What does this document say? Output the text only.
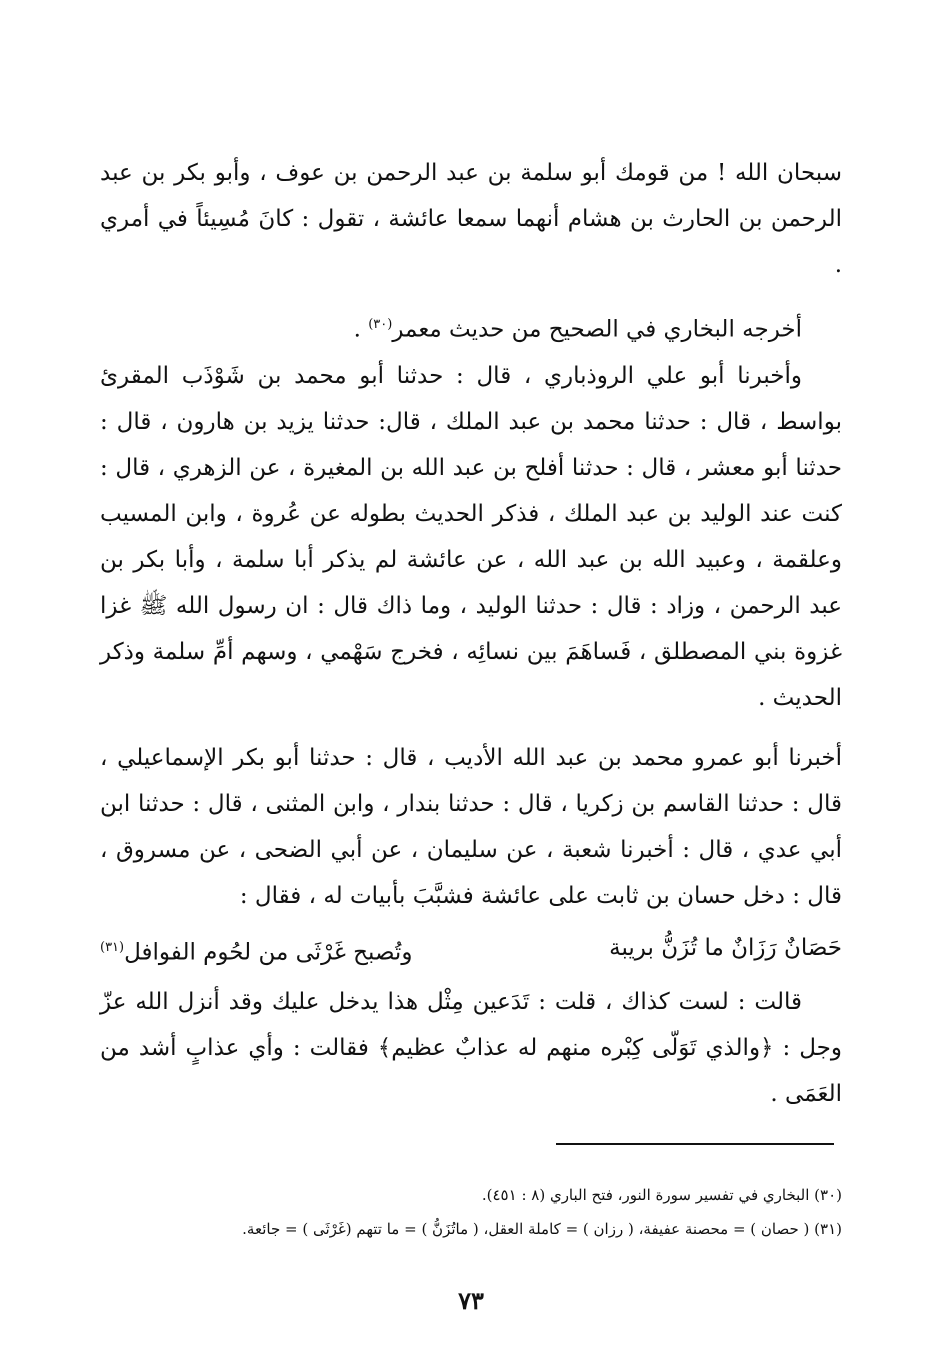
سبحان الله ! من قومك أبو سلمة بن عبد الرحمن بن عوف ، وأبو بكر بن عبد الرحمن بن الحارث بن هشام أنهما سمعا عائشة ، تقول : كانَ مُسِيئاً في أمري .

أخرجه البخاري في الصحيح من حديث معمر$^{(٣٠)}$ .

وأخبرنا أبو علي الروذباري ، قال : حدثنا أبو محمد بن شَوْذَب المقرئ بواسط ، قال : حدثنا محمد بن عبد الملك ، قال: حدثنا يزيد بن هارون ، قال : حدثنا أبو معشر ، قال : حدثنا أفلح بن عبد الله بن المغيرة ، عن الزهري ، قال : كنت عند الوليد بن عبد الملك ، فذكر الحديث بطوله عن عُروة ، وابن المسيب وعلقمة ، وعبيد الله بن عبد الله ، عن عائشة لم يذكر أبا سلمة ، وأبا بكر بن عبد الرحمن ، وزاد : قال : حدثنا الوليد ، وما ذاك قال : ان رسول الله ﷺ غزا غزوة بني المصطلق ، فَساهَمَ بين نسائِه ، فخرج سَهْمي ، وسهم أمِّ سلمة وذكر الحديث .

أخبرنا أبو عمرو محمد بن عبد الله الأديب ، قال : حدثنا أبو بكر الإسماعيلي ، قال : حدثنا القاسم بن زكريا ، قال : حدثنا بندار ، وابن المثنى ، قال : حدثنا ابن أبي عدي ، قال : أخبرنا شعبة ، عن سليمان ، عن أبي الضحى ، عن مسروق ، قال : دخل حسان بن ثابت على عائشة فشبَّبَ بأبيات له ، فقال :

حَصَانٌ رَزَانٌ ما تُزَنُّ بريبة
وتُصبح غَرْثَى من لحُوم الفوافل$^{(٣١)}$

قالت : لست كذاك ، قلت : تَدَعين مِثْل هذا يدخل عليك وقد أنزل الله عزّ وجل : ﴿والذي تَوَلّى كِبْره منهم له عذابٌ عظيم﴾ فقالت : وأي عذابٍ أشد من العَمَى .

(٣٠) البخاري في تفسير سورة النور، فتح الباري (٨ : ٤٥١).
(٣١) ( حصان ) = محصنة عفيفة، ( رزان ) = كاملة العقل، ( ماتُزَنُّ ) = ما تتهم (غَرْثَى ) = جائعة.
٧٣
